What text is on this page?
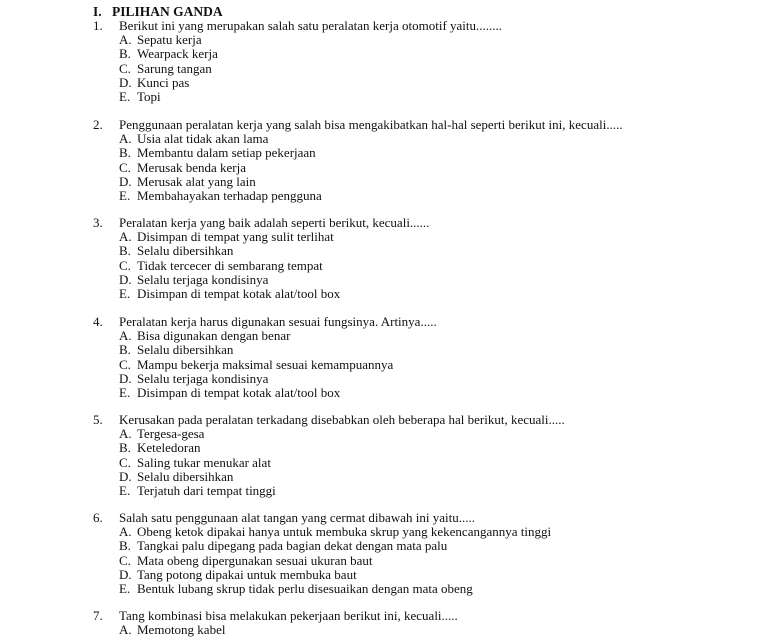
I. PILIHAN GANDA
1. Berikut ini yang merupakan salah satu peralatan kerja otomotif yaitu........
A. Sepatu kerja
B. Wearpack kerja
C. Sarung tangan
D. Kunci pas
E. Topi
2. Penggunaan peralatan kerja yang salah bisa mengakibatkan hal-hal seperti berikut ini, kecuali.....
A. Usia alat tidak akan lama
B. Membantu dalam setiap pekerjaan
C. Merusak benda kerja
D. Merusak alat yang lain
E. Membahayakan terhadap pengguna
3. Peralatan kerja yang baik adalah seperti berikut, kecuali......
A. Disimpan di tempat yang sulit terlihat
B. Selalu dibersihkan
C. Tidak tercecer di sembarang tempat
D. Selalu terjaga kondisinya
E. Disimpan di tempat kotak alat/tool box
4. Peralatan kerja harus digunakan sesuai fungsinya. Artinya.....
A. Bisa digunakan dengan benar
B. Selalu dibersihkan
C. Mampu bekerja maksimal sesuai kemampuannya
D. Selalu terjaga kondisinya
E. Disimpan di tempat kotak alat/tool box
5. Kerusakan pada peralatan terkadang disebabkan oleh beberapa hal berikut, kecuali.....
A. Tergesa-gesa
B. Keteledoran
C. Saling tukar menukar alat
D. Selalu dibersihkan
E. Terjatuh dari tempat tinggi
6. Salah satu penggunaan alat tangan yang cermat dibawah ini yaitu.....
A. Obeng ketok dipakai hanya untuk membuka skrup yang kekencangannya tinggi
B. Tangkai palu dipegang pada bagian dekat dengan mata palu
C. Mata obeng dipergunakan sesuai ukuran baut
D. Tang potong dipakai untuk membuka baut
E. Bentuk lubang skrup tidak perlu disesuaikan dengan mata obeng
7. Tang kombinasi bisa melakukan pekerjaan berikut ini, kecuali.....
A. Memotong kabel
